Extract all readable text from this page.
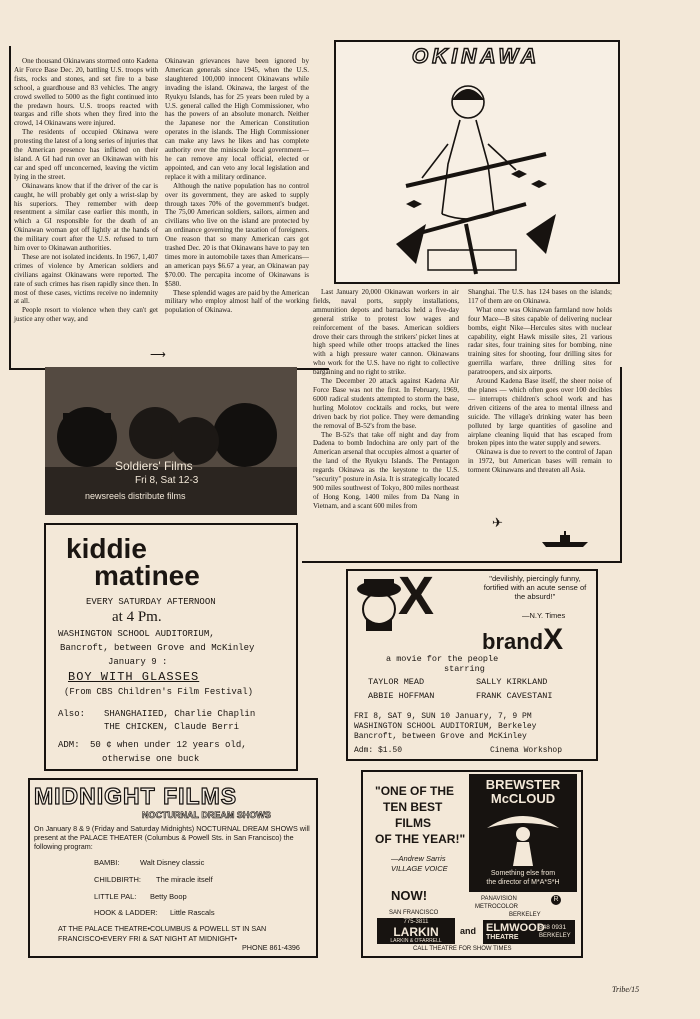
One thousand Okinawans stormed onto Kadena Air Force Base Dec. 20, battling U.S. troops with fists, rocks and stones, and set fire to a base school, a guardhouse and 83 vehicles. The angry crowd swelled to 5000 as the fight continued into the predawn hours. U.S. troops reacted with teargas and rifle shots when they fired into the crowd, 14 Okinawans were injured.

The residents of occupied Okinawa were protesting the latest of a long series of injuries that the American presence has inflicted on their island. A GI had run over an Okinawan with his car and sped off unconcerned, leaving the victim lying in the street.

Okinawans know that if the driver of the car is caught, he will probably get only a wrist-slap by his superiors. They remember with deep resentment a similar case earlier this month, in which a GI responsible for the death of an Okinawan woman got off lightly at the hands of the military court after the U.S. refused to turn him over to Okinawan authorities.

These are not isolated incidents. In 1967, 1,407 crimes of violence by American soldiers and civilians against Okinawans were reported. The rate of such crimes has risen rapidly since then. In most of these cases, victims receive no indemnity at all.

People resort to violence when they can't get justice any other way, and

Okinawan grievances have been ignored by American generals since 1945, when the U.S. slaughtered 100,000 innocent Okinawans while invading the island. Okinawa, the largest of the Ryukyu Islands, has for 25 years been ruled by a U.S. general called the High Commissioner, who has the powers of an absolute monarch. Neither the Japanese nor the American Constitution operates in the islands. The High Commissioner can make any laws he likes and has complete authority over the miniscule local government— he can remove any local official, elected or appointed, and can veto any local legislation and replace it with a military ordinance.

Although the native population has no control over its government, they are asked to supply through taxes 70% of the government's budget. The 75,00 American soldiers, sailors, airmen and civilians who live on the island are protected by an ordinance governing the taxation of foreigners. One reason that so many American cars got trashed Dec. 20 is that Okinawans have to pay ten times more in automobile taxes than Americans—an american pays $6.67 a year, an Okinawan pay $70.00. The percapita income of Okinawans is $580.

These splendid wages are paid by the American military who employ almost half of the working population of Okinawa.

⟶

Last January 20,000 Okinawan workers in air fields, naval ports, supply installations, ammunition depots and barracks held a five-day general strike to protest low wages and reinforcement of the bases. American soldiers drove their cars through the strikers' picket lines at high speed while other troops attacked the lines with a high pressure water cannon. Okinawans who work for the U.S. have no right to collective bargaining and no right to strike.

The December 20 attack against Kadena Air Force Base was not the first. In February, 1969, 6000 radical students attempted to storm the base, hurling Molotov cocktails and rocks, but were driven back by riot police. They were demanding the removal of B-52's from the base.

The B-52's that take off night and day from Dadena to bomb Indochina are only part of the American arsenal that occupies almost a quarter of the land of the Ryukyu Islands. The Pentagon regards Okinawa as the keystone to the U.S. "security" posture in Asia. It is strategically located 900 miles southwest of Tokyo, 800 miles northeast of Hong Kong, 1400 miles from Da Nang in Vietnam, and a scant 600 miles from

Shanghai. The U.S. has 124 bases on the islands; 117 of them are on Okinawa.

What once was Okinawan farmland now holds four Mace—B sites capable of delivering nuclear bombs, eight Nike—Hercules sites with nuclear capability, eight Hawk missile sites, 21 various radar sites, four training sites for bombing, nine training sites for shooting, four drilling sites for guerrilla warfare, three drilling sites for paratroopers, and six airports.

Around Kadena Base itself, the sheer noise of the planes — which often goes over 100 decibles — interrupts children's school work and has driven citizens of the area to mental illness and suicide. The village's drinking water has been polluted by large quantities of gasoline and airplane cleaning liquid that has escaped from broken pipes into the water supply and sewers.

Okinawa is due to revert to the control of Japan in 1972, but American bases will remain to torment Okinawans and threaten all Asia.

✈
OKINAWA
Soldiers' Films
Fri 8, Sat 12-3
newsreels distribute films
kiddie
matinee
EVERY SATURDAY AFTERNOON
at 4 Pm.
WASHINGTON SCHOOL AUDITORIUM,
Bancroft, between Grove and McKinley
January 9 :
BOY WITH GLASSES
(From CBS Children's Film Festival)
Also: SHANGHAIIED, Charlie Chaplin
THE CHICKEN, Claude Berri
ADM: 50 ¢ when under 12 years old,
otherwise one buck
X	"devilishly, piercingly funny, fortified with an acute sense of the absurd!"
—N.Y. Times
brandX
a movie for the people
starring
TAYLOR MEAD	SALLY KIRKLAND
ABBIE HOFFMAN	FRANK CAVESTANI
FRI 8, SAT 9, SUN 10 January, 7, 9 PM
WASHINGTON SCHOOL AUDITORIUM, Berkeley
Bancroft, between Grove and McKinley
Adm: $1.50	Cinema Workshop
MIDNIGHT FILMS
NOCTURNAL DREAM SHOWS
On January 8 & 9 (Friday and Saturday Midnights) NOCTURNAL DREAM SHOWS will present at the PALACE THEATER (Columbus & Powell Sts. in San Francisco) the following program:
BAMBI:	Walt Disney classic
CHILDBIRTH: The miracle itself
LITTLE PAL: Betty Boop
HOOK & LADDER: Little Rascals
AT THE PALACE THEATRE•COLUMBUS & POWELL ST IN SAN
FRANCISCO•EVERY FRI & SAT NIGHT AT MIDNIGHT•
PHONE 861-4396
"ONE OF THE
TEN BEST
FILMS
OF THE YEAR!"
—Andrew Sarris
VILLAGE VOICE
BREWSTER
McCLOUD
Something else from
the director of M*A*S*H
NOW!	PANAVISION
METROCOLOR
R
SAN FRANCISCO	BERKELEY
775-3811
LARKIN
LARKIN & O'FARRELL
and ELMWOOD
THEATRE
848 0931
BERKELEY
CALL THEATRE FOR SHOW TIMES
Tribe/15
